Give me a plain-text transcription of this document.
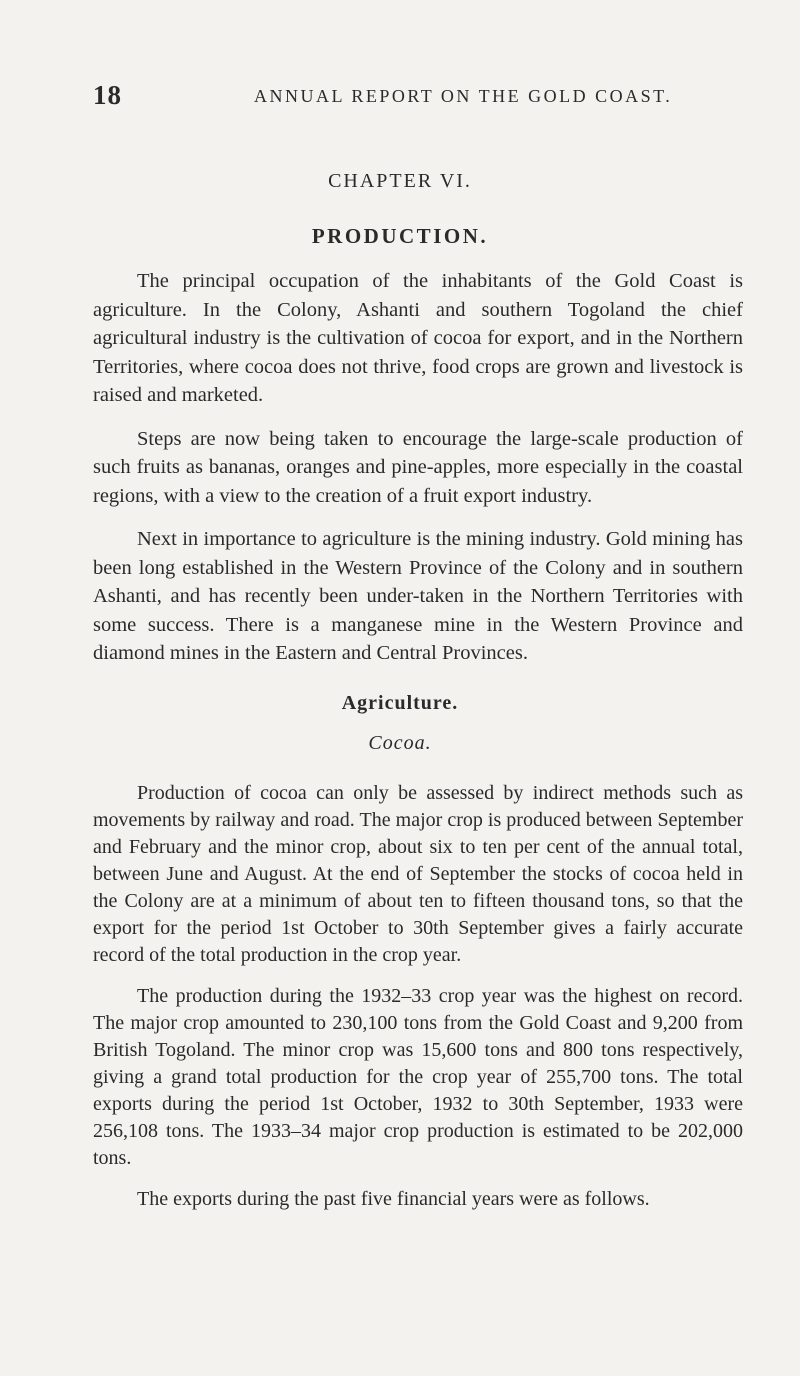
18	ANNUAL REPORT ON THE GOLD COAST.
CHAPTER VI.
PRODUCTION.

The principal occupation of the inhabitants of the Gold Coast is agriculture. In the Colony, Ashanti and southern Togoland the chief agricultural industry is the cultivation of cocoa for export, and in the Northern Territories, where cocoa does not thrive, food crops are grown and livestock is raised and marketed.

Steps are now being taken to encourage the large-scale production of such fruits as bananas, oranges and pine-apples, more especially in the coastal regions, with a view to the creation of a fruit export industry.

Next in importance to agriculture is the mining industry. Gold mining has been long established in the Western Province of the Colony and in southern Ashanti, and has recently been under-taken in the Northern Territories with some success. There is a manganese mine in the Western Province and diamond mines in the Eastern and Central Provinces.

Agriculture.
Cocoa.

Production of cocoa can only be assessed by indirect methods such as movements by railway and road. The major crop is produced between September and February and the minor crop, about six to ten per cent of the annual total, between June and August. At the end of September the stocks of cocoa held in the Colony are at a minimum of about ten to fifteen thousand tons, so that the export for the period 1st October to 30th September gives a fairly accurate record of the total production in the crop year.

The production during the 1932–33 crop year was the highest on record. The major crop amounted to 230,100 tons from the Gold Coast and 9,200 from British Togoland. The minor crop was 15,600 tons and 800 tons respectively, giving a grand total production for the crop year of 255,700 tons. The total exports during the period 1st October, 1932 to 30th September, 1933 were 256,108 tons. The 1933–34 major crop production is estimated to be 202,000 tons.

The exports during the past five financial years were as follows.
